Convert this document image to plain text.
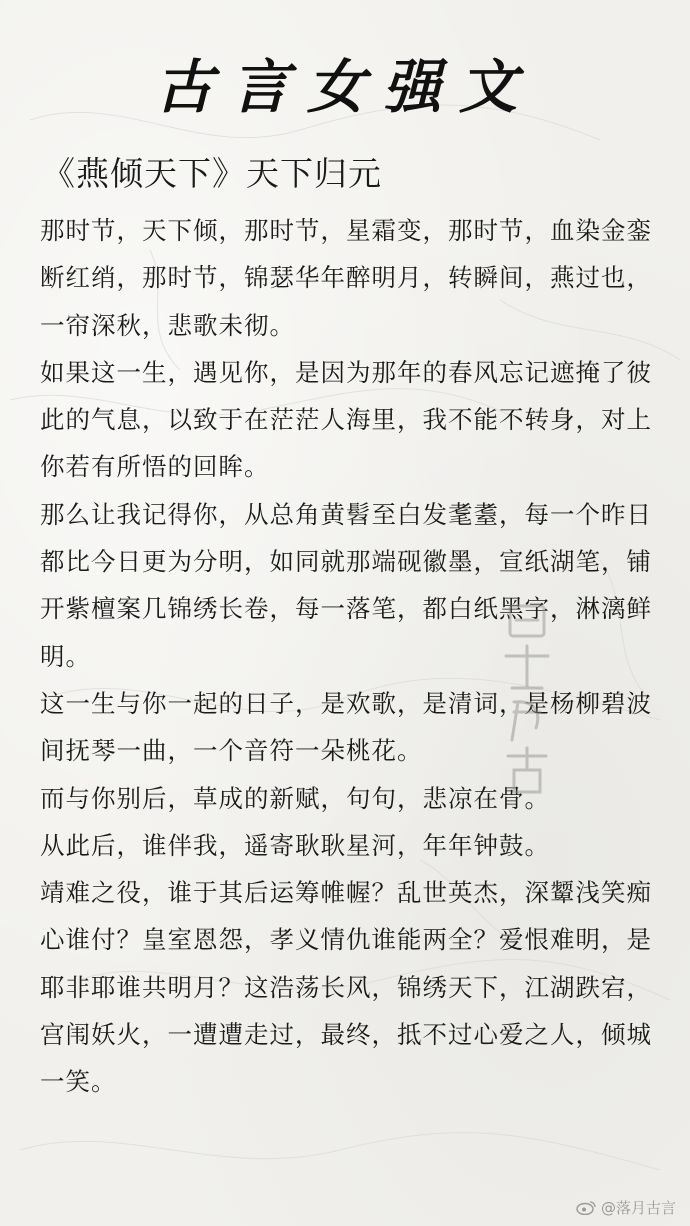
古言女强文
《燕倾天下》天下归元

那时节，天下倾，那时节，星霜变，那时节，血染金銮断红绡，那时节，锦瑟华年醉明月，转瞬间，燕过也，一帘深秋，悲歌未彻。

如果这一生，遇见你，是因为那年的春风忘记遮掩了彼此的气息，以致于在茫茫人海里，我不能不转身，对上你若有所悟的回眸。

那么让我记得你，从总角黄髫至白发耄耋，每一个昨日都比今日更为分明，如同就那端砚徽墨，宣纸湖笔，铺开紫檀案几锦绣长卷，每一落笔，都白纸黑字，淋漓鲜明。

这一生与你一起的日子，是欢歌，是清词，是杨柳碧波间抚琴一曲，一个音符一朵桃花。

而与你别后，草成的新赋，句句，悲凉在骨。

从此后，谁伴我，遥寄耿耿星河，年年钟鼓。

靖难之役，谁于其后运筹帷幄？乱世英杰，深颦浅笑痴心谁付？皇室恩怨，孝义情仇谁能两全？爱恨难明，是耶非耶谁共明月？这浩荡长风，锦绣天下，江湖跌宕，宫闱妖火，一遭遭走过，最终，抵不过心爱之人，倾城一笑。

@落月古言
